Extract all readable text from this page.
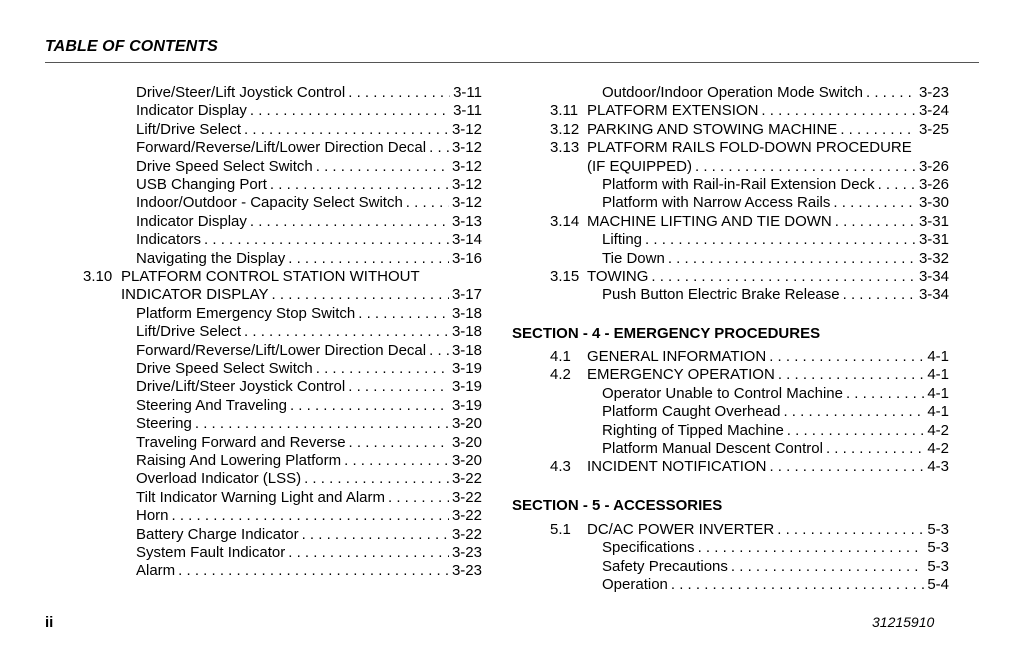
TABLE OF CONTENTS
Drive/Steer/Lift Joystick Control . . .	3-11
Indicator Display . . .	3-11
Lift/Drive Select . . .	3-12
Forward/Reverse/Lift/Lower Direction Decal . . . 3-12
Drive Speed Select Switch . . .	3-12
USB Changing Port . . .	3-12
Indoor/Outdoor - Capacity Select Switch . . .	3-12
Indicator Display . . .	3-13
Indicators . . .	3-14
Navigating the Display . . .	3-16
3.10 PLATFORM CONTROL STATION WITHOUT
INDICATOR DISPLAY . . .	3-17
Platform Emergency Stop Switch . . .	3-18
Lift/Drive Select . . .	3-18
Forward/Reverse/Lift/Lower Direction Decal . . . 3-18
Drive Speed Select Switch . . .	3-19
Drive/Lift/Steer Joystick Control . . .	3-19
Steering And Traveling . . .	3-19
Steering . . .	3-20
Traveling Forward and Reverse . . .	3-20
Raising And Lowering Platform . . .	3-20
Overload Indicator (LSS) . . .	3-22
Tilt Indicator Warning Light and Alarm . . .	3-22
Horn . . .	3-22
Battery Charge Indicator . . .	3-22
System Fault Indicator . . .	3-23
Alarm . . .	3-23
Outdoor/Indoor Operation Mode Switch . . .	3-23
3.11 PLATFORM EXTENSION . . .	3-24
3.12 PARKING AND STOWING MACHINE . . .	3-25
3.13 PLATFORM RAILS FOLD-DOWN PROCEDURE
(IF EQUIPPED) . . .	3-26
Platform with Rail-in-Rail Extension Deck . . .	3-26
Platform with Narrow Access Rails . . .	3-30
3.14 MACHINE LIFTING AND TIE DOWN . . .	3-31
Lifting . . .	3-31
Tie Down . . .	3-32
3.15 TOWING . . .	3-34
Push Button Electric Brake Release . . .	3-34
SECTION - 4 - EMERGENCY PROCEDURES
4.1 GENERAL INFORMATION . . .	4-1
4.2 EMERGENCY OPERATION . . .	4-1
Operator Unable to Control Machine . . .	4-1
Platform Caught Overhead . . .	4-1
Righting of Tipped Machine . . .	4-2
Platform Manual Descent Control . . .	4-2
4.3 INCIDENT NOTIFICATION . . .	4-3
SECTION - 5 - ACCESSORIES
5.1 DC/AC POWER INVERTER . . .	5-3
Specifications . . .	5-3
Safety Precautions . . .	5-3
Operation . . .	5-4
ii	31215910
